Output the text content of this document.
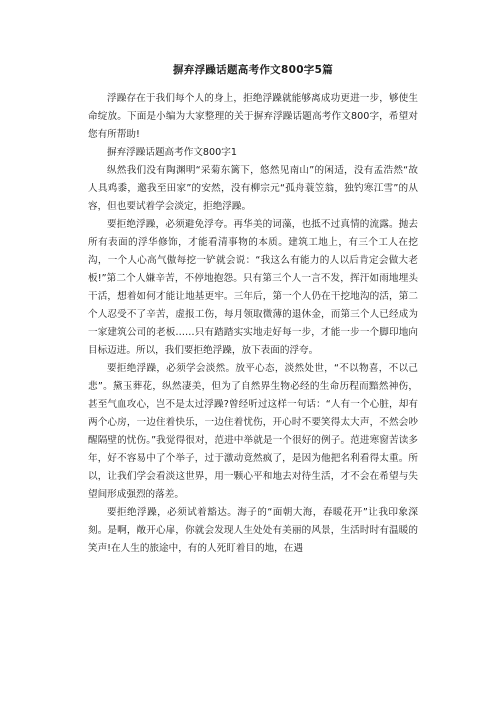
摒弃浮躁话题高考作文800字5篇

浮躁存在于我们每个人的身上，拒绝浮躁就能够离成功更进一步，够使生命绽放。下面是小编为大家整理的关于摒弃浮躁话题高考作文800字，希望对您有所帮助!

摒弃浮躁话题高考作文800字1

纵然我们没有陶渊明“采菊东篱下，悠然见南山”的闲适，没有孟浩然“故人具鸡黍，邀我至田家”的安然，没有柳宗元“孤舟蓑笠翁，独钓寒江雪”的从容，但也要试着学会淡定，拒绝浮躁。

要拒绝浮躁，必须避免浮夸。再华美的词藻，也抵不过真情的流露。抛去所有表面的浮华修饰，才能看清事物的本质。建筑工地上，有三个工人在挖沟，一个人心高气傲每挖一铲就会说：“我这么有能力的人以后肯定会做大老板!”第二个人嫌辛苦，不停地抱怨。只有第三个人一言不发，挥汗如雨地埋头干活，想着如何才能让地基更牢。三年后，第一个人仍在干挖地沟的活，第二个人忍受不了辛苦，虚报工伤，每月领取微薄的退休金，而第三个人已经成为一家建筑公司的老板……只有踏踏实实地走好每一步，才能一步一个脚印地向目标迈进。所以，我们要拒绝浮躁，放下表面的浮夸。

要拒绝浮躁，必须学会淡然。放平心态，淡然处世，“不以物喜，不以己悲”。黛玉葬花，纵然凄美，但为了自然界生物必经的生命历程而黯然神伤，甚至气血攻心，岂不是太过浮躁?曾经听过这样一句话：“人有一个心脏，却有两个心房，一边住着快乐，一边住着忧伤，开心时不要笑得太大声，不然会吵醒隔壁的忧伤。”我觉得很对，范进中举就是一个很好的例子。范进寒窗苦读多年，好不容易中了个举子，过于激动竟然疯了，是因为他把名利看得太重。所以，让我们学会看淡这世界，用一颗心平和地去对待生活，才不会在希望与失望间形成强烈的落差。

要拒绝浮躁，必须试着豁达。海子的“面朝大海，春暖花开”让我印象深刻。是啊，敞开心扉，你就会发现人生处处有美丽的风景，生活时时有温暖的笑声!在人生的旅途中，有的人死盯着目的地，在遇
